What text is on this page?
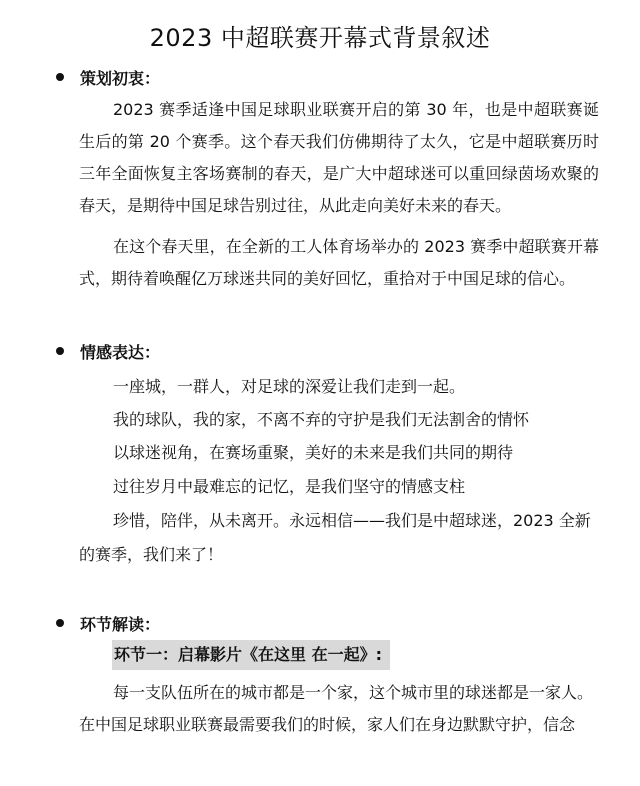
2023 中超联赛开幕式背景叙述
策划初衷：
2023 赛季适逢中国足球职业联赛开启的第 30 年，也是中超联赛诞生后的第 20 个赛季。这个春天我们仿佛期待了太久，它是中超联赛历时三年全面恢复主客场赛制的春天，是广大中超球迷可以重回绿茵场欢聚的春天，是期待中国足球告别过往，从此走向美好未来的春天。
在这个春天里，在全新的工人体育场举办的 2023 赛季中超联赛开幕式，期待着唤醒亿万球迷共同的美好回忆，重拾对于中国足球的信心。
情感表达：
一座城，一群人，对足球的深爱让我们走到一起。
我的球队，我的家，不离不弃的守护是我们无法割舍的情怀
以球迷视角，在赛场重聚，美好的未来是我们共同的期待
过往岁月中最难忘的记忆，是我们坚守的情感支柱
珍惜，陪伴，从未离开。永远相信——我们是中超球迷，2023 全新
的赛季，我们来了！
环节解读：
环节一：启幕影片《在这里 在一起》:
每一支队伍所在的城市都是一个家，这个城市里的球迷都是一家人。
在中国足球职业联赛最需要我们的时候，家人们在身边默默守护，信念
